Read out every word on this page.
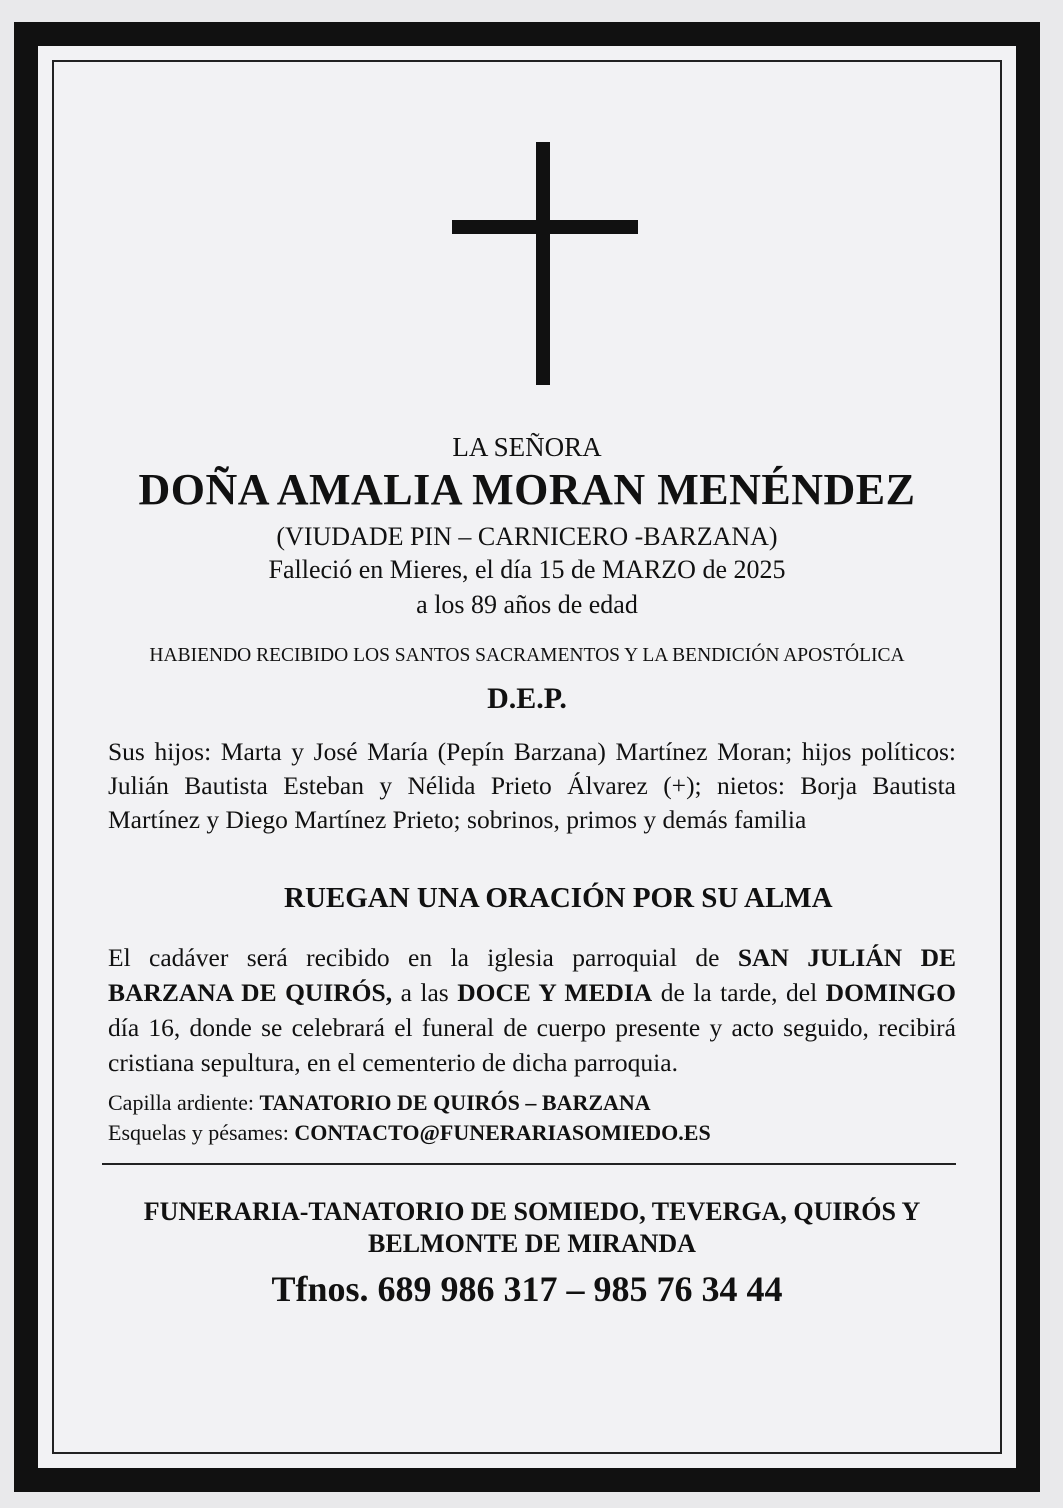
LA SEÑORA
DOÑA AMALIA MORAN MENÉNDEZ
(VIUDADE PIN – CARNICERO -BARZANA)
Falleció en Mieres, el día 15 de MARZO de 2025
a los 89 años de edad
HABIENDO RECIBIDO LOS SANTOS SACRAMENTOS Y LA BENDICIÓN APOSTÓLICA
D.E.P.
Sus hijos: Marta y José María (Pepín Barzana) Martínez Moran; hijos políticos: Julián Bautista Esteban y Nélida Prieto Álvarez (+); nietos: Borja Bautista Martínez y Diego Martínez Prieto; sobrinos, primos y demás familia
RUEGAN UNA ORACIÓN POR SU ALMA
El cadáver será recibido en la iglesia parroquial de SAN JULIÁN DE BARZANA DE QUIRÓS, a las DOCE Y MEDIA de la tarde, del DOMINGO día 16, donde se celebrará el funeral de cuerpo presente y acto seguido, recibirá cristiana sepultura, en el cementerio de dicha parroquia.
Capilla ardiente: TANATORIO DE QUIRÓS – BARZANA
Esquelas y pésames: CONTACTO@FUNERARIASOMIEDO.ES
FUNERARIA-TANATORIO DE SOMIEDO, TEVERGA, QUIRÓS Y BELMONTE DE MIRANDA
Tfnos. 689 986 317 – 985 76 34 44
